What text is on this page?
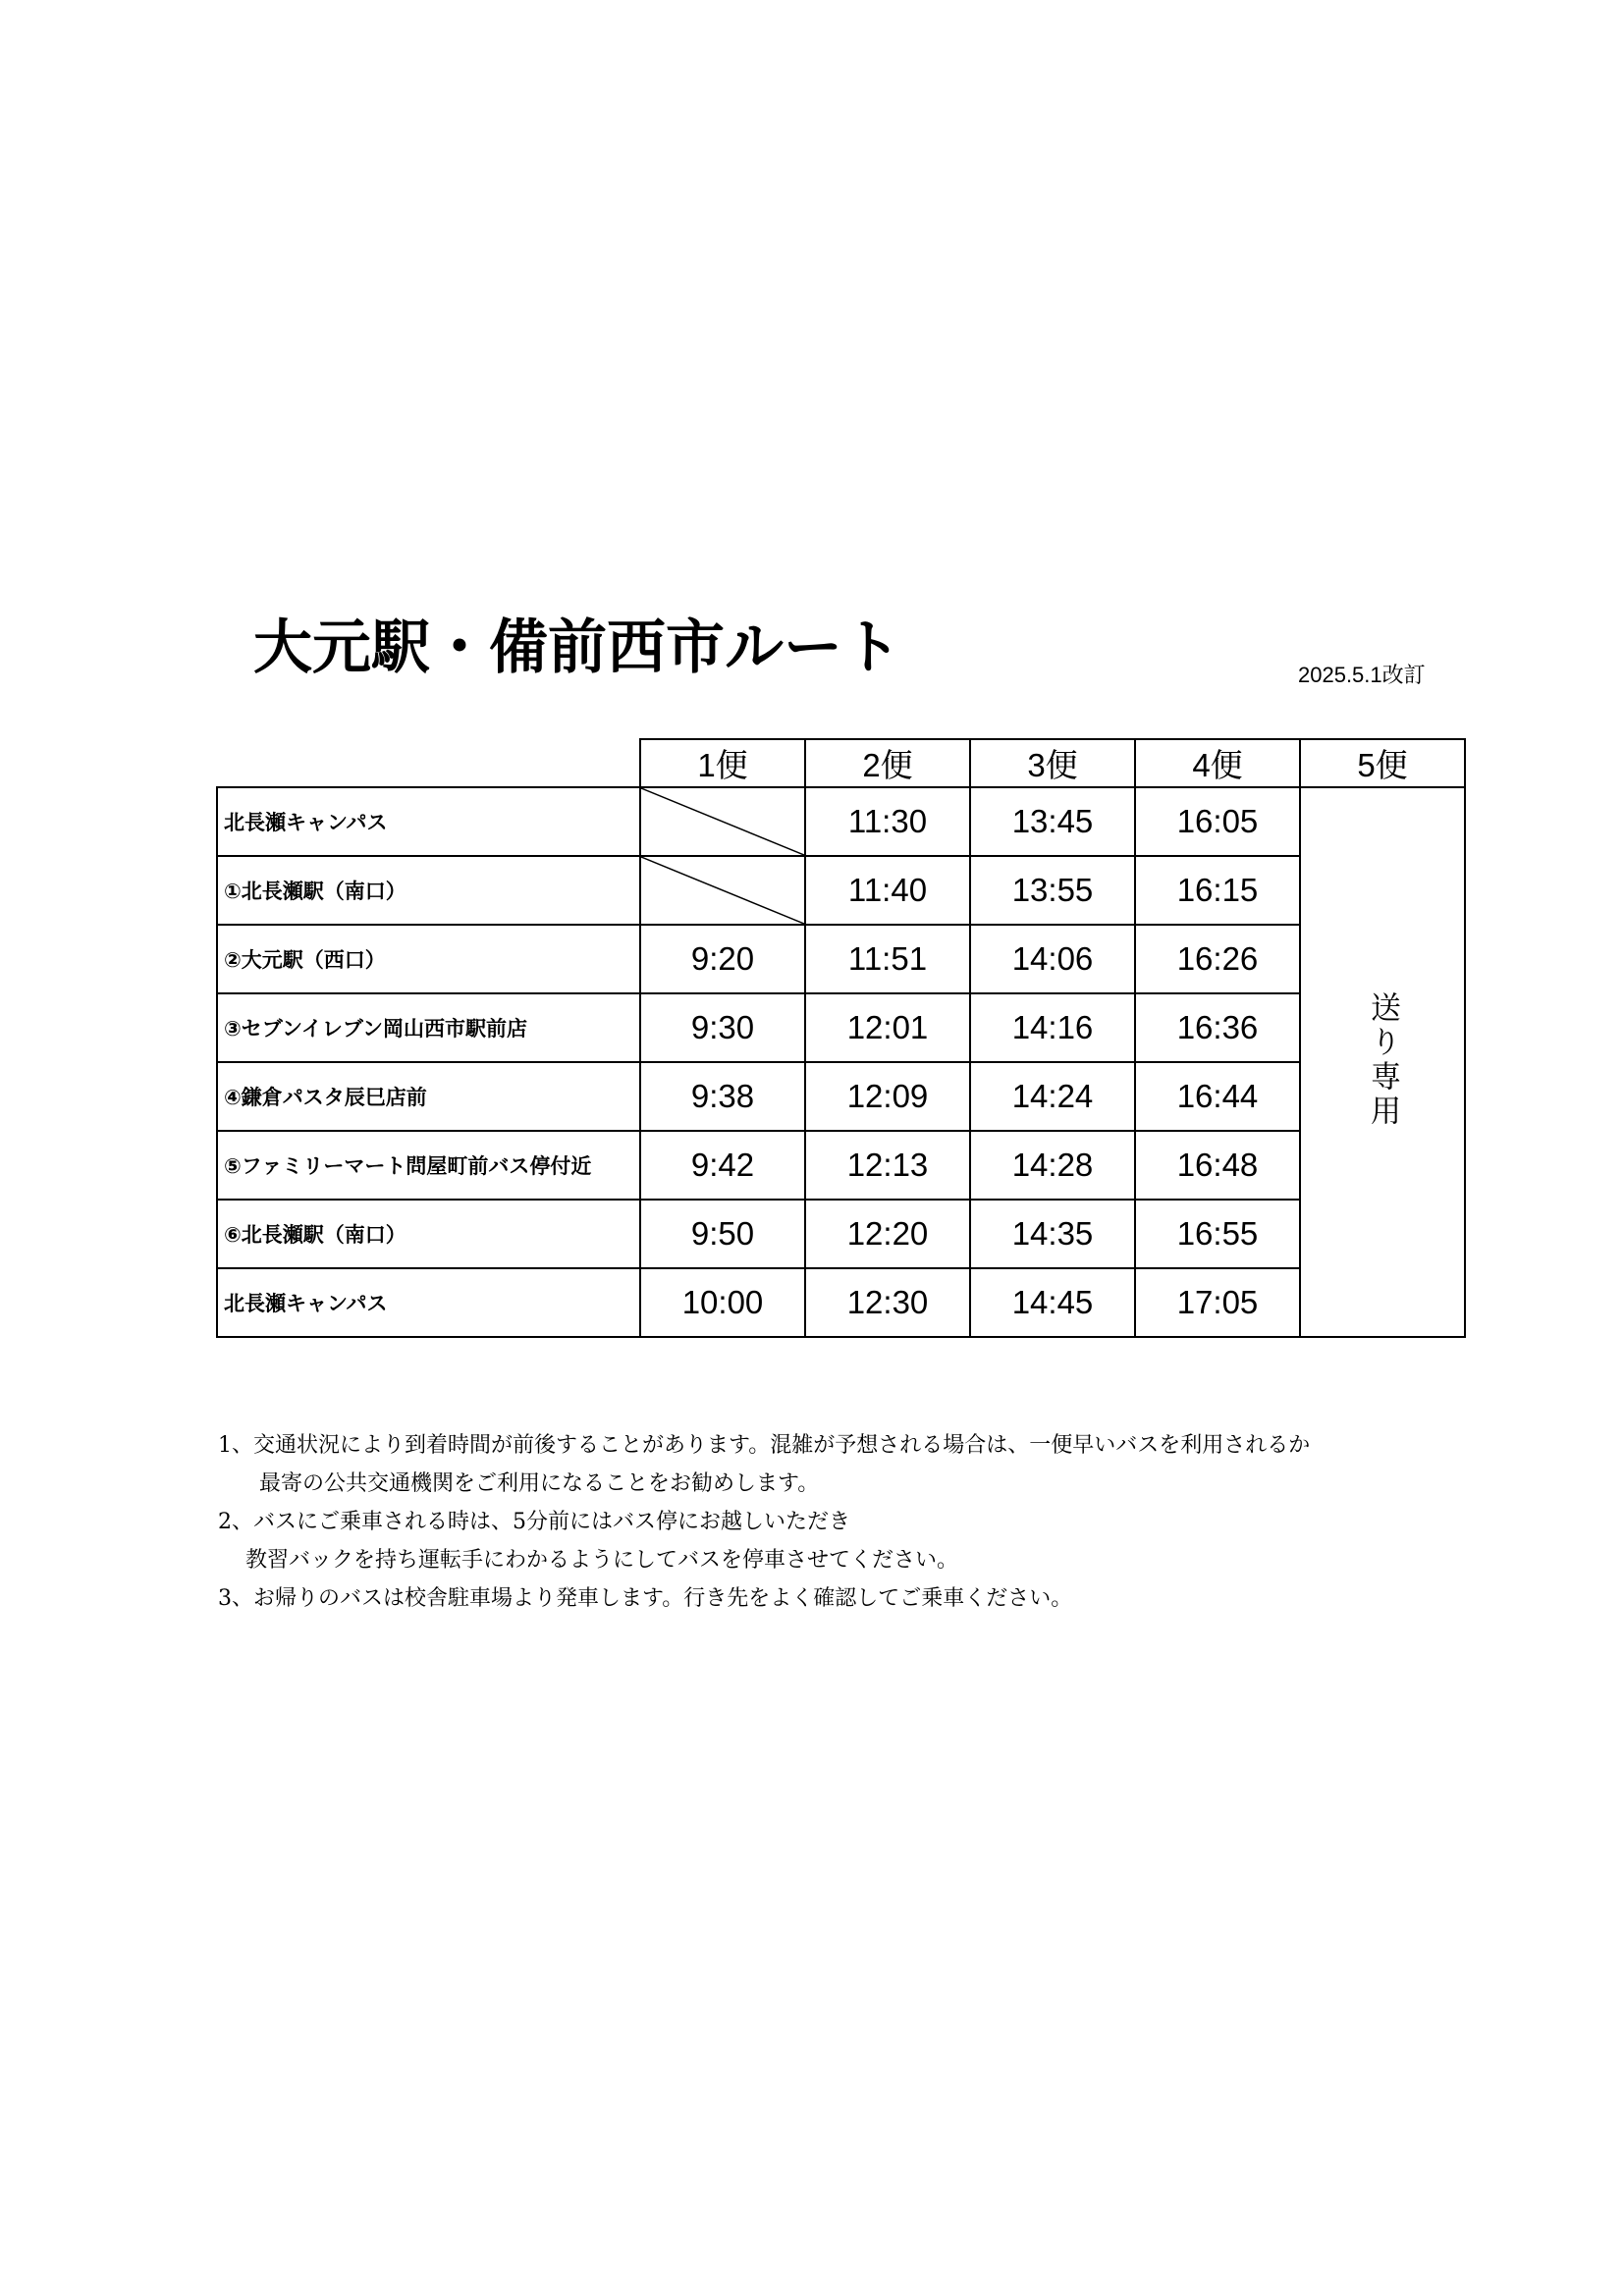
大元駅・備前西市ルート	2025.5.1改訂
	1便	2便	3便	4便	5便
北長瀬キャンパス		11:30	13:45	16:05	送り専用
①北長瀬駅（南口）		11:40	13:55	16:15	
②大元駅（西口）	9:20	11:51	14:06	16:26	
③セブンイレブン岡山西市駅前店	9:30	12:01	14:16	16:36	
④鎌倉パスタ辰巳店前	9:38	12:09	14:24	16:44	
⑤ファミリーマート問屋町前バス停付近	9:42	12:13	14:28	16:48	
⑥北長瀬駅（南口）	9:50	12:20	14:35	16:55	
北長瀬キャンパス	10:00	12:30	14:45	17:05	
1、交通状況により到着時間が前後することがあります。混雑が予想される場合は、一便早いバスを利用されるか
最寄の公共交通機関をご利用になることをお勧めします。
2、バスにご乗車される時は、5分前にはバス停にお越しいただき
教習バックを持ち運転手にわかるようにしてバスを停車させてください。
3、お帰りのバスは校舎駐車場より発車します。行き先をよく確認してご乗車ください。
